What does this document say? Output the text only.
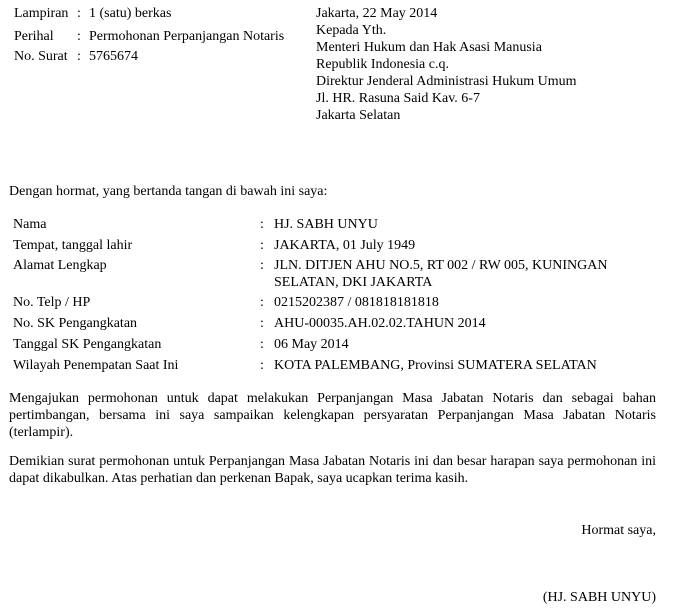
Lampiran : 1 (satu) berkas
Perihal : Permohonan Perpanjangan Notaris
No. Surat : 5765674
Jakarta, 22 May 2014
Kepada Yth.
Menteri Hukum dan Hak Asasi Manusia
Republik Indonesia c.q.
Direktur Jenderal Administrasi Hukum Umum
Jl. HR. Rasuna Said Kav. 6-7
Jakarta Selatan
Dengan hormat, yang bertanda tangan di bawah ini saya:
Nama	: HJ. SABH UNYU
Tempat, tanggal lahir	: JAKARTA, 01 July 1949
Alamat Lengkap	: JLN. DITJEN AHU NO.5, RT 002 / RW 005, KUNINGAN
SELATAN, DKI JAKARTA
No. Telp / HP	: 0215202387 / 081818181818
No. SK Pengangkatan	: AHU-00035.AH.02.02.TAHUN 2014
Tanggal SK Pengangkatan	: 06 May 2014
Wilayah Penempatan Saat Ini	: KOTA PALEMBANG, Provinsi SUMATERA SELATAN

Mengajukan permohonan untuk dapat melakukan Perpanjangan Masa Jabatan Notaris dan sebagai bahan pertimbangan, bersama ini saya sampaikan kelengkapan persyaratan Perpanjangan Masa Jabatan Notaris (terlampir).

Demikian surat permohonan untuk Perpanjangan Masa Jabatan Notaris ini dan besar harapan saya permohonan ini dapat dikabulkan. Atas perhatian dan perkenan Bapak, saya ucapkan terima kasih.

Hormat saya,
(HJ. SABH UNYU)
